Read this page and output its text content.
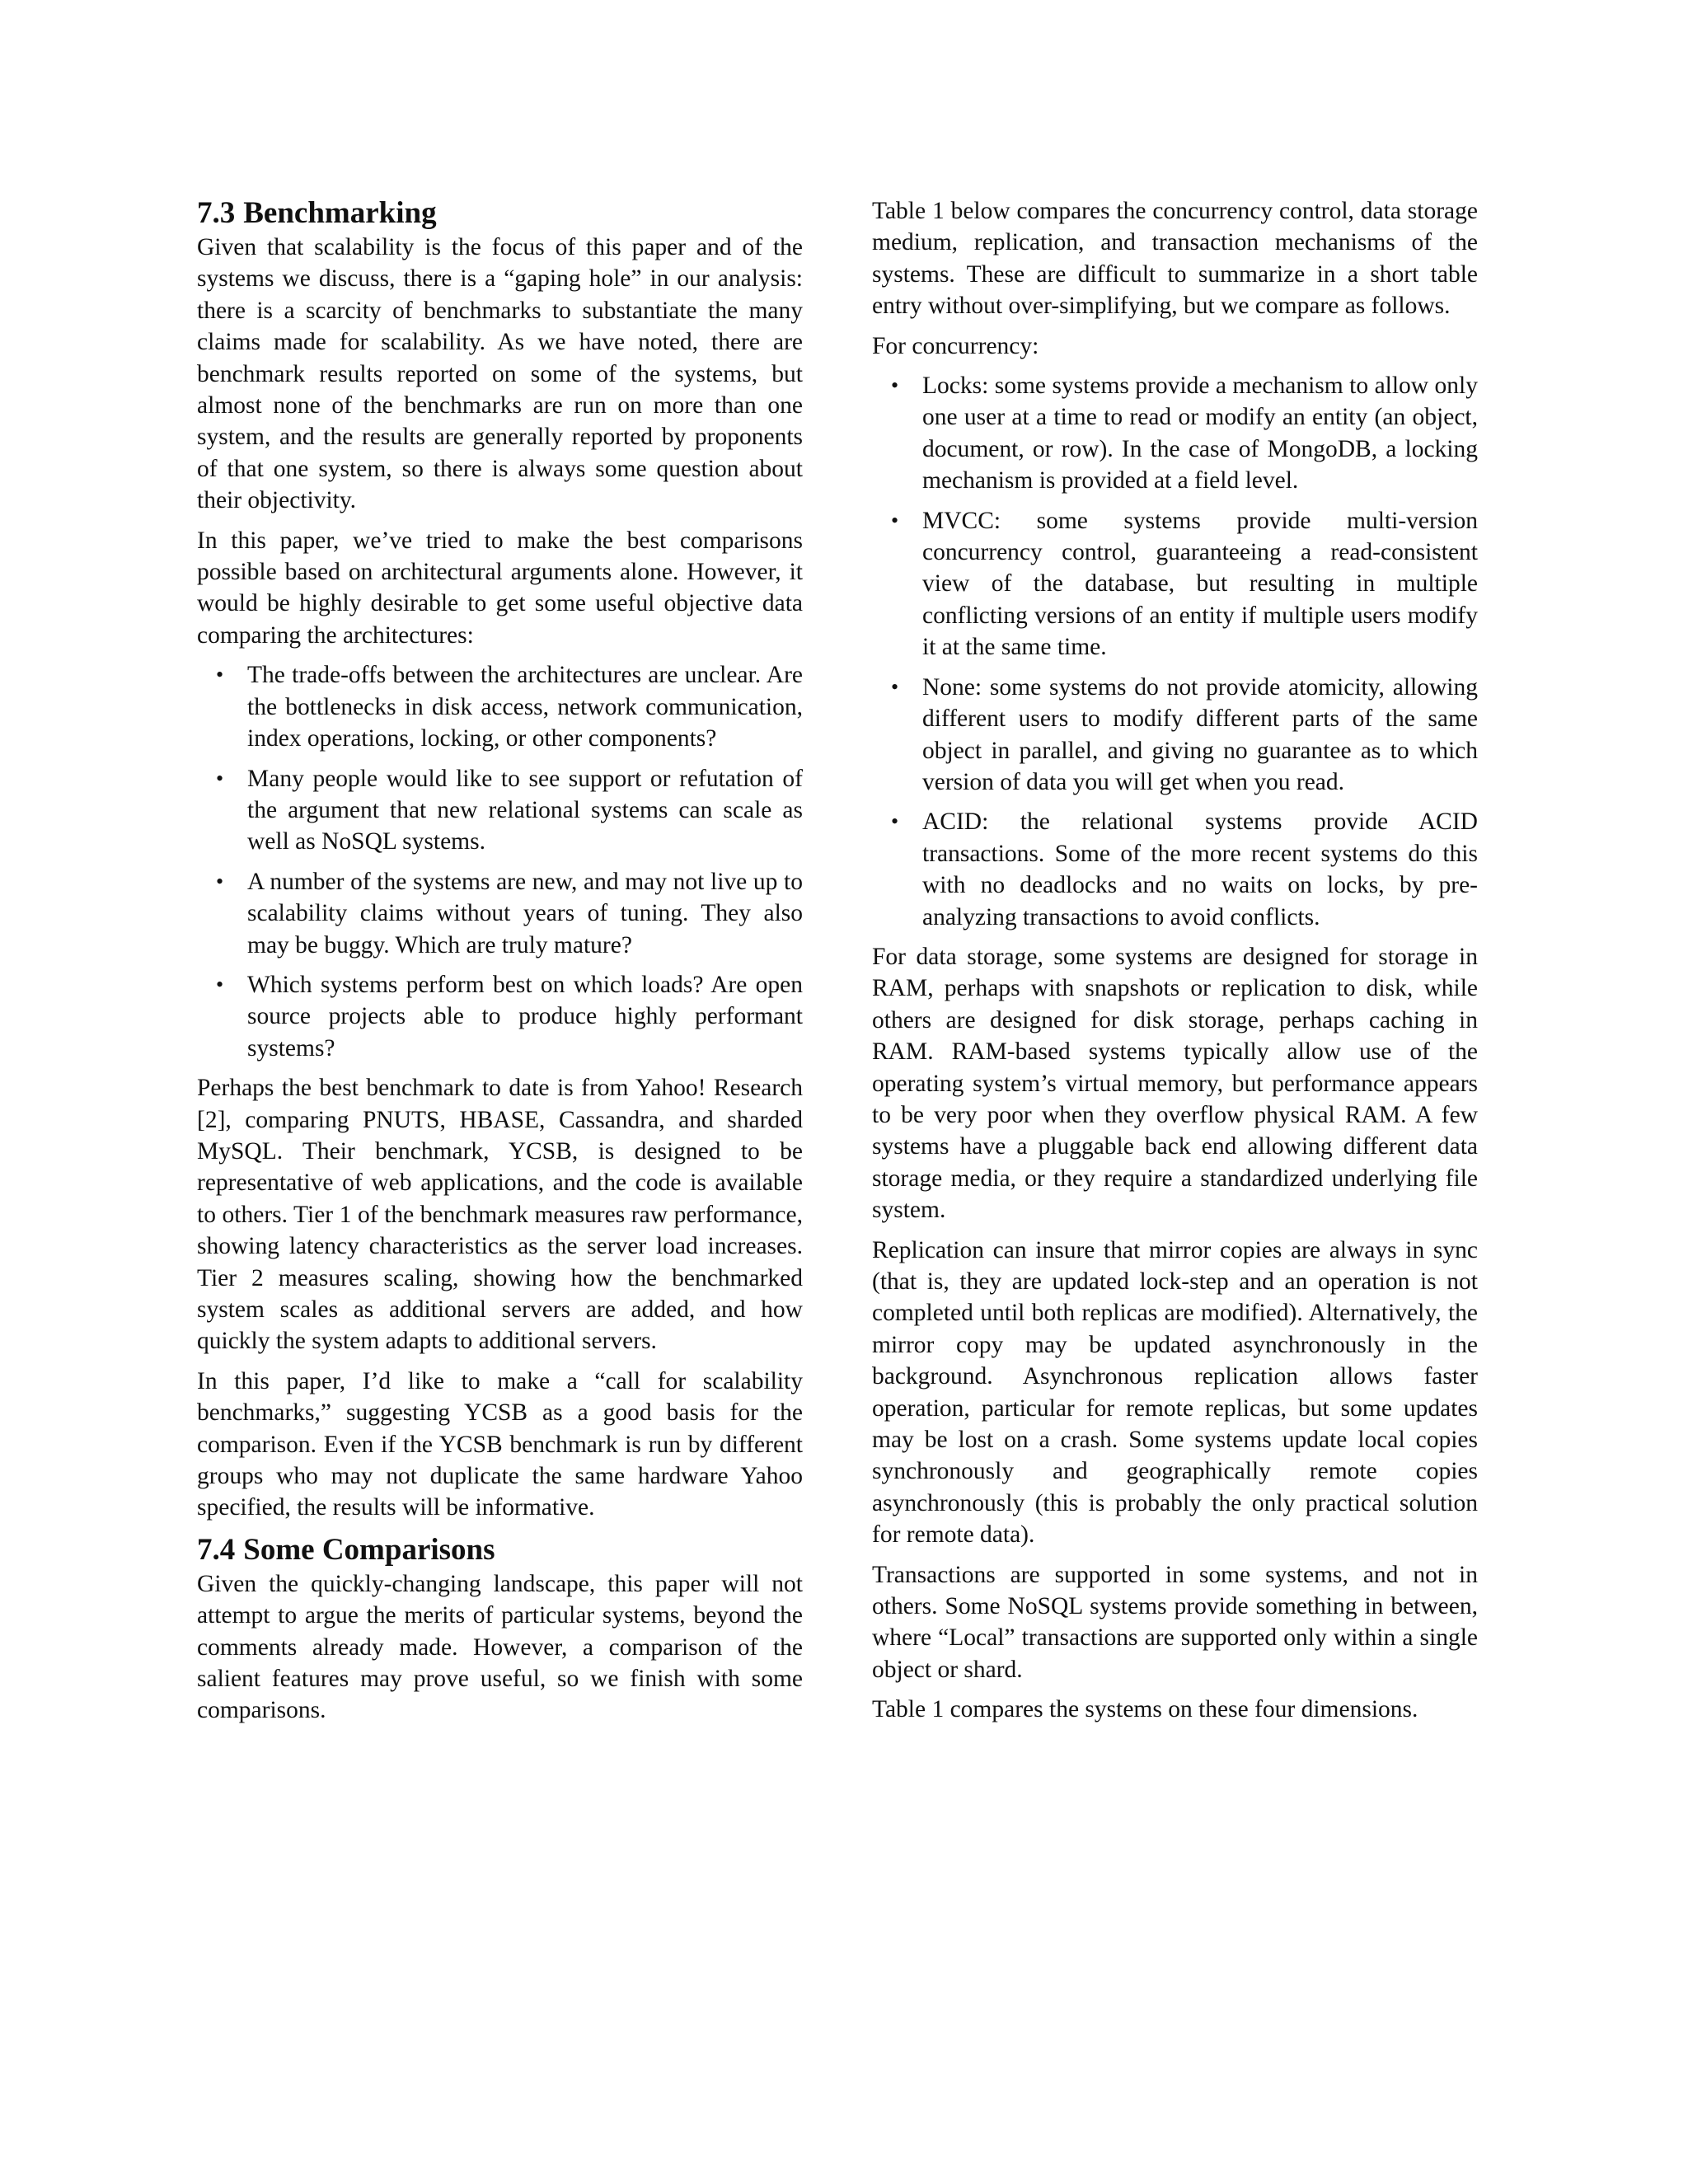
7.3 Benchmarking

Given that scalability is the focus of this paper and of the systems we discuss, there is a “gaping hole” in our analysis: there is a scarcity of benchmarks to substantiate the many claims made for scalability. As we have noted, there are benchmark results reported on some of the systems, but almost none of the benchmarks are run on more than one system, and the results are generally reported by proponents of that one system, so there is always some question about their objectivity.

In this paper, we’ve tried to make the best comparisons possible based on architectural arguments alone. However, it would be highly desirable to get some useful objective data comparing the architectures:

• The trade-offs between the architectures are unclear. Are the bottlenecks in disk access, network communication, index operations, locking, or other components?
• Many people would like to see support or refutation of the argument that new relational systems can scale as well as NoSQL systems.
• A number of the systems are new, and may not live up to scalability claims without years of tuning. They also may be buggy. Which are truly mature?
• Which systems perform best on which loads? Are open source projects able to produce highly performant systems?

Perhaps the best benchmark to date is from Yahoo! Research [2], comparing PNUTS, HBASE, Cassandra, and sharded MySQL. Their benchmark, YCSB, is designed to be representative of web applications, and the code is available to others. Tier 1 of the benchmark measures raw performance, showing latency characteristics as the server load increases. Tier 2 measures scaling, showing how the benchmarked system scales as additional servers are added, and how quickly the system adapts to additional servers.

In this paper, I’d like to make a “call for scalability benchmarks,” suggesting YCSB as a good basis for the comparison. Even if the YCSB benchmark is run by different groups who may not duplicate the same hardware Yahoo specified, the results will be informative.

7.4 Some Comparisons

Given the quickly-changing landscape, this paper will not attempt to argue the merits of particular systems, beyond the comments already made. However, a comparison of the salient features may prove useful, so we finish with some comparisons.

Table 1 below compares the concurrency control, data storage medium, replication, and transaction mechanisms of the systems. These are difficult to summarize in a short table entry without over-simplifying, but we compare as follows.

For concurrency:

• Locks: some systems provide a mechanism to allow only one user at a time to read or modify an entity (an object, document, or row). In the case of MongoDB, a locking mechanism is provided at a field level.
• MVCC: some systems provide multi-version concurrency control, guaranteeing a read-consistent view of the database, but resulting in multiple conflicting versions of an entity if multiple users modify it at the same time.
• None: some systems do not provide atomicity, allowing different users to modify different parts of the same object in parallel, and giving no guarantee as to which version of data you will get when you read.
• ACID: the relational systems provide ACID transactions. Some of the more recent systems do this with no deadlocks and no waits on locks, by pre-analyzing transactions to avoid conflicts.

For data storage, some systems are designed for storage in RAM, perhaps with snapshots or replication to disk, while others are designed for disk storage, perhaps caching in RAM. RAM-based systems typically allow use of the operating system’s virtual memory, but performance appears to be very poor when they overflow physical RAM. A few systems have a pluggable back end allowing different data storage media, or they require a standardized underlying file system.

Replication can insure that mirror copies are always in sync (that is, they are updated lock-step and an operation is not completed until both replicas are modified). Alternatively, the mirror copy may be updated asynchronously in the background. Asynchronous replication allows faster operation, particular for remote replicas, but some updates may be lost on a crash. Some systems update local copies synchronously and geographically remote copies asynchronously (this is probably the only practical solution for remote data).

Transactions are supported in some systems, and not in others. Some NoSQL systems provide something in between, where “Local” transactions are supported only within a single object or shard.

Table 1 compares the systems on these four dimensions.
